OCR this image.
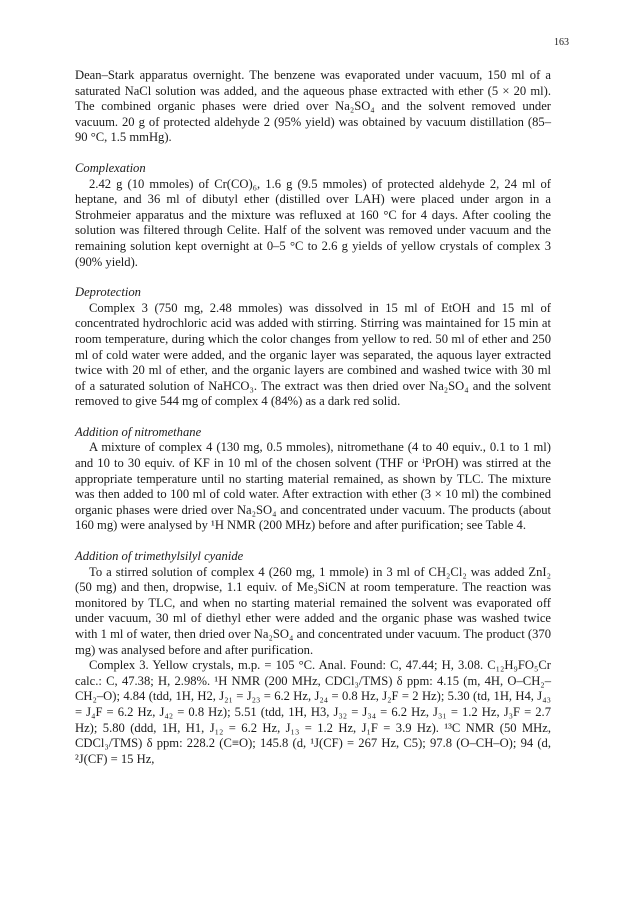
163

Dean–Stark apparatus overnight. The benzene was evaporated under vacuum, 150 ml of a saturated NaCl solution was added, and the aqueous phase extracted with ether (5 × 20 ml). The combined organic phases were dried over Na₂SO₄ and the solvent removed under vacuum. 20 g of protected aldehyde 2 (95% yield) was obtained by vacuum distillation (85–90 °C, 1.5 mmHg).

Complexation

2.42 g (10 mmoles) of Cr(CO)₆, 1.6 g (9.5 mmoles) of protected aldehyde 2, 24 ml of heptane, and 36 ml of dibutyl ether (distilled over LAH) were placed under argon in a Strohmeier apparatus and the mixture was refluxed at 160 °C for 4 days. After cooling the solution was filtered through Celite. Half of the solvent was removed under vacuum and the remaining solution kept overnight at 0–5 °C to 2.6 g yields of yellow crystals of complex 3 (90% yield).

Deprotection

Complex 3 (750 mg, 2.48 mmoles) was dissolved in 15 ml of EtOH and 15 ml of concentrated hydrochloric acid was added with stirring. Stirring was maintained for 15 min at room temperature, during which the color changes from yellow to red. 50 ml of ether and 250 ml of cold water were added, and the organic layer was separated, the aquous layer extracted twice with 20 ml of ether, and the organic layers are combined and washed twice with 30 ml of a saturated solution of NaHCO₃. The extract was then dried over Na₂SO₄ and the solvent removed to give 544 mg of complex 4 (84%) as a dark red solid.

Addition of nitromethane

A mixture of complex 4 (130 mg, 0.5 mmoles), nitromethane (4 to 40 equiv., 0.1 to 1 ml) and 10 to 30 equiv. of KF in 10 ml of the chosen solvent (THF or ⁱPrOH) was stirred at the appropriate temperature until no starting material remained, as shown by TLC. The mixture was then added to 100 ml of cold water. After extraction with ether (3 × 10 ml) the combined organic phases were dried over Na₂SO₄ and concentrated under vacuum. The products (about 160 mg) were analysed by ¹H NMR (200 MHz) before and after purification; see Table 4.

Addition of trimethylsilyl cyanide

To a stirred solution of complex 4 (260 mg, 1 mmole) in 3 ml of CH₂Cl₂ was added ZnI₂ (50 mg) and then, dropwise, 1.1 equiv. of Me₃SiCN at room temperature. The reaction was monitored by TLC, and when no starting material remained the solvent was evaporated off under vacuum, 30 ml of diethyl ether were added and the organic phase was washed twice with 1 ml of water, then dried over Na₂SO₄ and concentrated under vacuum. The product (370 mg) was analysed before and after purification.

Complex 3. Yellow crystals, m.p. = 105 °C. Anal. Found: C, 47.44; H, 3.08. C₁₂H₉FO₅Cr calc.: C, 47.38; H, 2.98%. ¹H NMR (200 MHz, CDCl₃/TMS) δ ppm: 4.15 (m, 4H, O–CH₂–CH₂–O); 4.84 (tdd, 1H, H2, J₂₁ = J₂₃ = 6.2 Hz, J₂₄ = 0.8 Hz, J₂F = 2 Hz); 5.30 (td, 1H, H4, J₄₃ = J₄F = 6.2 Hz, J₄₂ = 0.8 Hz); 5.51 (tdd, 1H, H3, J₃₂ = J₃₄ = 6.2 Hz, J₃₁ = 1.2 Hz, J₃F = 2.7 Hz); 5.80 (ddd, 1H, H1, J₁₂ = 6.2 Hz, J₁₃ = 1.2 Hz, J₁F = 3.9 Hz). ¹³C NMR (50 MHz, CDCl₃/TMS) δ ppm: 228.2 (C≡O); 145.8 (d, ¹J(CF) = 267 Hz, C5); 97.8 (O–CH–O); 94 (d, ²J(CF) = 15 Hz,
